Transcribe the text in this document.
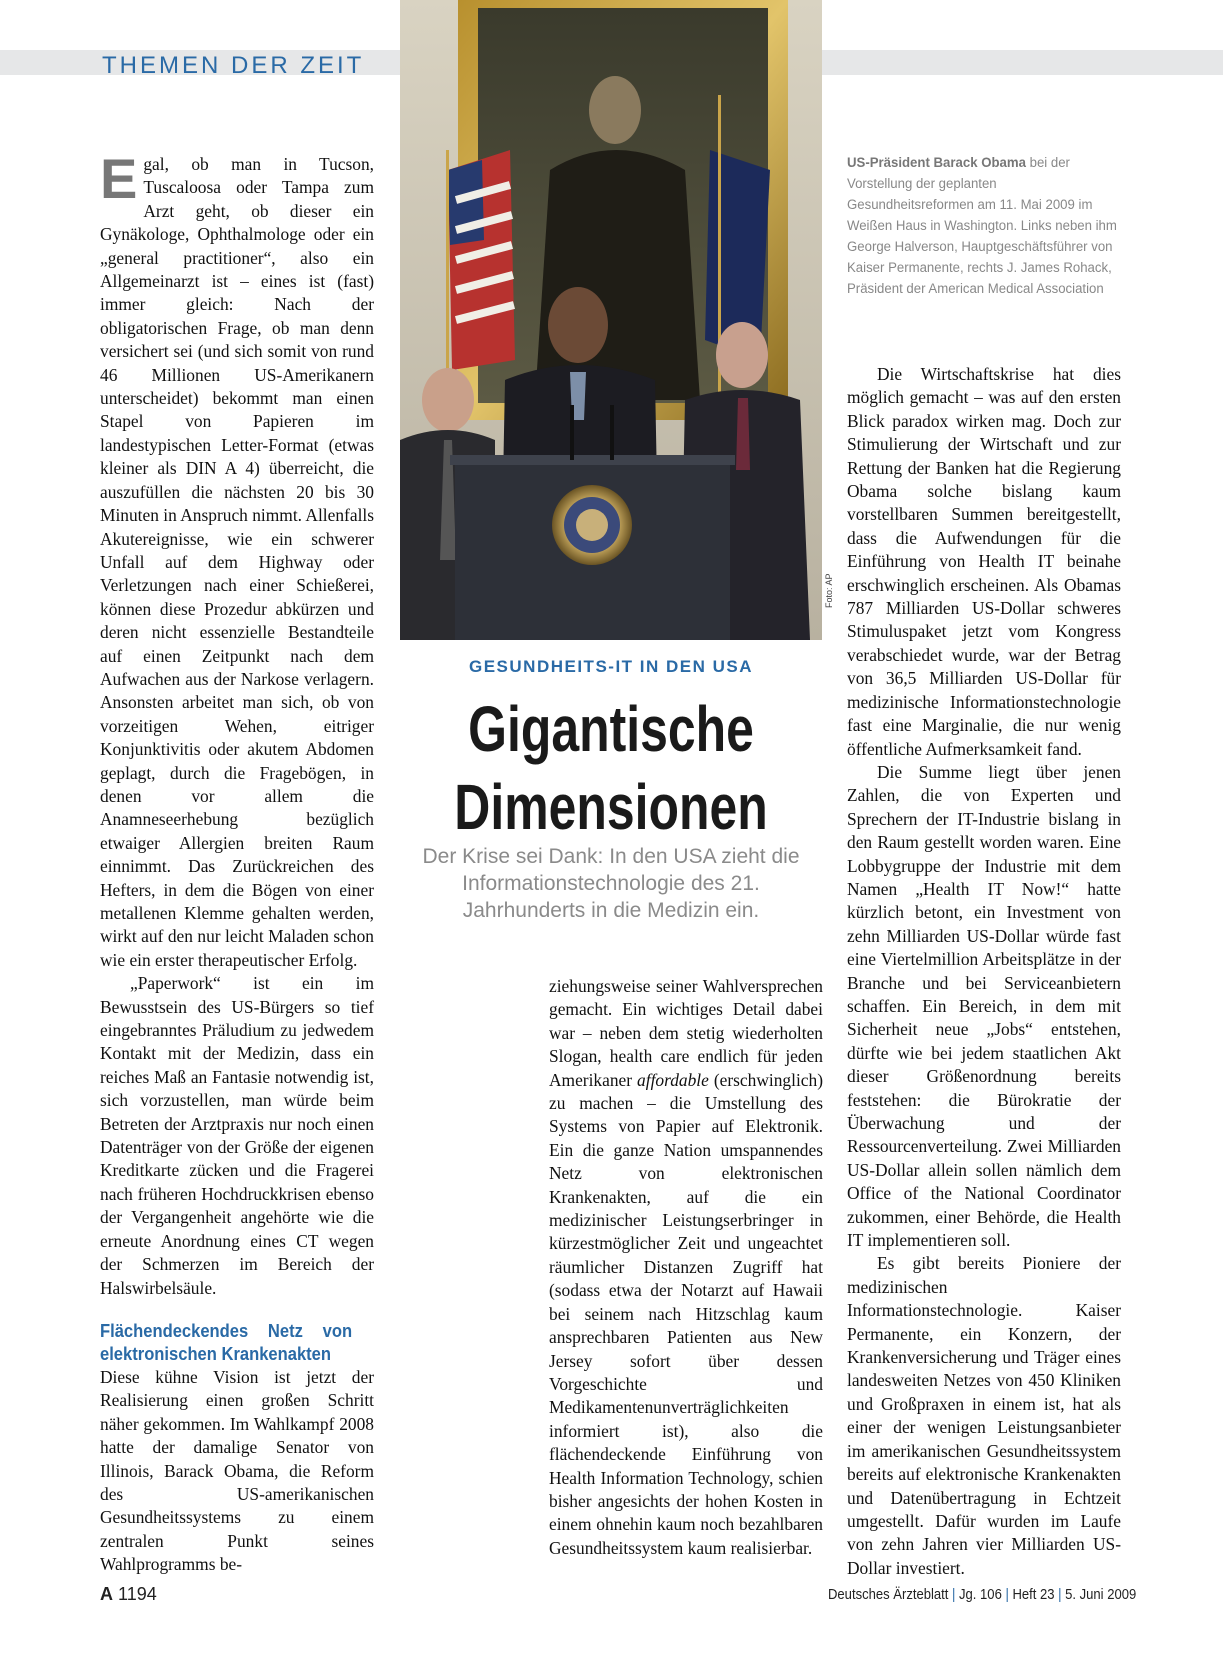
THEMEN DER ZEIT
Foto: AP
US-Präsident Barack Obama bei der Vorstellung der geplanten Gesundheitsreformen am 11. Mai 2009 im Weißen Haus in Washington. Links neben ihm George Halverson, Hauptgeschäftsführer von Kaiser Permanente, rechts J. James Rohack, Präsident der American Medical Association
GESUNDHEITS-IT IN DEN USA
Gigantische
Dimensionen
Der Krise sei Dank: In den USA zieht die Informationstechnologie des 21. Jahrhunderts in die Medizin ein.

Egal, ob man in Tucson, Tuscaloosa oder Tampa zum Arzt geht, ob dieser ein Gynäkologe, Ophthalmologe oder ein „general practitioner“, also ein Allgemeinarzt ist – eines ist (fast) immer gleich: Nach der obligatorischen Frage, ob man denn versichert sei (und sich somit von rund 46 Millionen US-Amerikanern unterscheidet) bekommt man einen Stapel von Papieren im landestypischen Letter-Format (etwas kleiner als DIN A 4) überreicht, die auszufüllen die nächsten 20 bis 30 Minuten in Anspruch nimmt. Allenfalls Akutereignisse, wie ein schwerer Unfall auf dem Highway oder Verletzungen nach einer Schießerei, können diese Prozedur abkürzen und deren nicht essenzielle Bestandteile auf einen Zeitpunkt nach dem Aufwachen aus der Narkose verlagern. Ansonsten arbeitet man sich, ob von vorzeitigen Wehen, eitriger Konjunktivitis oder akutem Abdomen geplagt, durch die Fragebögen, in denen vor allem die Anamneseerhebung bezüglich etwaiger Allergien breiten Raum einnimmt. Das Zurückreichen des Hefters, in dem die Bögen von einer metallenen Klemme gehalten werden, wirkt auf den nur leicht Maladen schon wie ein erster therapeutischer Erfolg.

„Paperwork“ ist ein im Bewusstsein des US-Bürgers so tief eingebranntes Präludium zu jedwedem Kontakt mit der Medizin, dass ein reiches Maß an Fantasie notwendig ist, sich vorzustellen, man würde beim Betreten der Arztpraxis nur noch einen Datenträger von der Größe der eigenen Kreditkarte zücken und die Fragerei nach früheren Hochdruckkrisen ebenso der Vergangenheit angehörte wie die erneute Anordnung eines CT wegen der Schmerzen im Bereich der Halswirbelsäule.

Flächendeckendes Netz von elektronischen Krankenakten

Diese kühne Vision ist jetzt der Realisierung einen großen Schritt näher gekommen. Im Wahlkampf 2008 hatte der damalige Senator von Illinois, Barack Obama, die Reform des US-amerikanischen Gesundheitssystems zu einem zentralen Punkt seines Wahlprogramms be-

ziehungsweise seiner Wahlversprechen gemacht. Ein wichtiges Detail dabei war – neben dem stetig wiederholten Slogan, health care endlich für jeden Amerikaner affordable (erschwinglich) zu machen – die Umstellung des Systems von Papier auf Elektronik. Ein die ganze Nation umspannendes Netz von elektronischen Krankenakten, auf die ein medizinischer Leistungserbringer in kürzestmöglicher Zeit und ungeachtet räumlicher Distanzen Zugriff hat (sodass etwa der Notarzt auf Hawaii bei seinem nach Hitzschlag kaum ansprechbaren Patienten aus New Jersey sofort über dessen Vorgeschichte und Medikamentenunverträglichkeiten informiert ist), also die flächendeckende Einführung von Health Information Technology, schien bisher angesichts der hohen Kosten in einem ohnehin kaum noch bezahlbaren Gesundheitssystem kaum realisierbar.

Die Wirtschaftskrise hat dies möglich gemacht – was auf den ersten Blick paradox wirken mag. Doch zur Stimulierung der Wirtschaft und zur Rettung der Banken hat die Regierung Obama solche bislang kaum vorstellbaren Summen bereitgestellt, dass die Aufwendungen für die Einführung von Health IT beinahe erschwinglich erscheinen. Als Obamas 787 Milliarden US-Dollar schweres Stimuluspaket jetzt vom Kongress verabschiedet wurde, war der Betrag von 36,5 Milliarden US-Dollar für medizinische Informationstechnologie fast eine Marginalie, die nur wenig öffentliche Aufmerksamkeit fand.

Die Summe liegt über jenen Zahlen, die von Experten und Sprechern der IT-Industrie bislang in den Raum gestellt worden waren. Eine Lobbygruppe der Industrie mit dem Namen „Health IT Now!“ hatte kürzlich betont, ein Investment von zehn Milliarden US-Dollar würde fast eine Viertelmillion Arbeitsplätze in der Branche und bei Serviceanbietern schaffen. Ein Bereich, in dem mit Sicherheit neue „Jobs“ entstehen, dürfte wie bei jedem staatlichen Akt dieser Größenordnung bereits feststehen: die Bürokratie der Überwachung und der Ressourcenverteilung. Zwei Milliarden US-Dollar allein sollen nämlich dem Office of the National Coordinator zukommen, einer Behörde, die Health IT implementieren soll.

Es gibt bereits Pioniere der medizinischen Informationstechnologie. Kaiser Permanente, ein Konzern, der Krankenversicherung und Träger eines landesweiten Netzes von 450 Kliniken und Großpraxen in einem ist, hat als einer der wenigen Leistungsanbieter im amerikanischen Gesundheitssystem bereits auf elektronische Krankenakten und Datenübertragung in Echtzeit umgestellt. Dafür wurden im Laufe von zehn Jahren vier Milliarden US-Dollar investiert.

A 1194	Deutsches Ärzteblatt | Jg. 106 | Heft 23 | 5. Juni 2009
